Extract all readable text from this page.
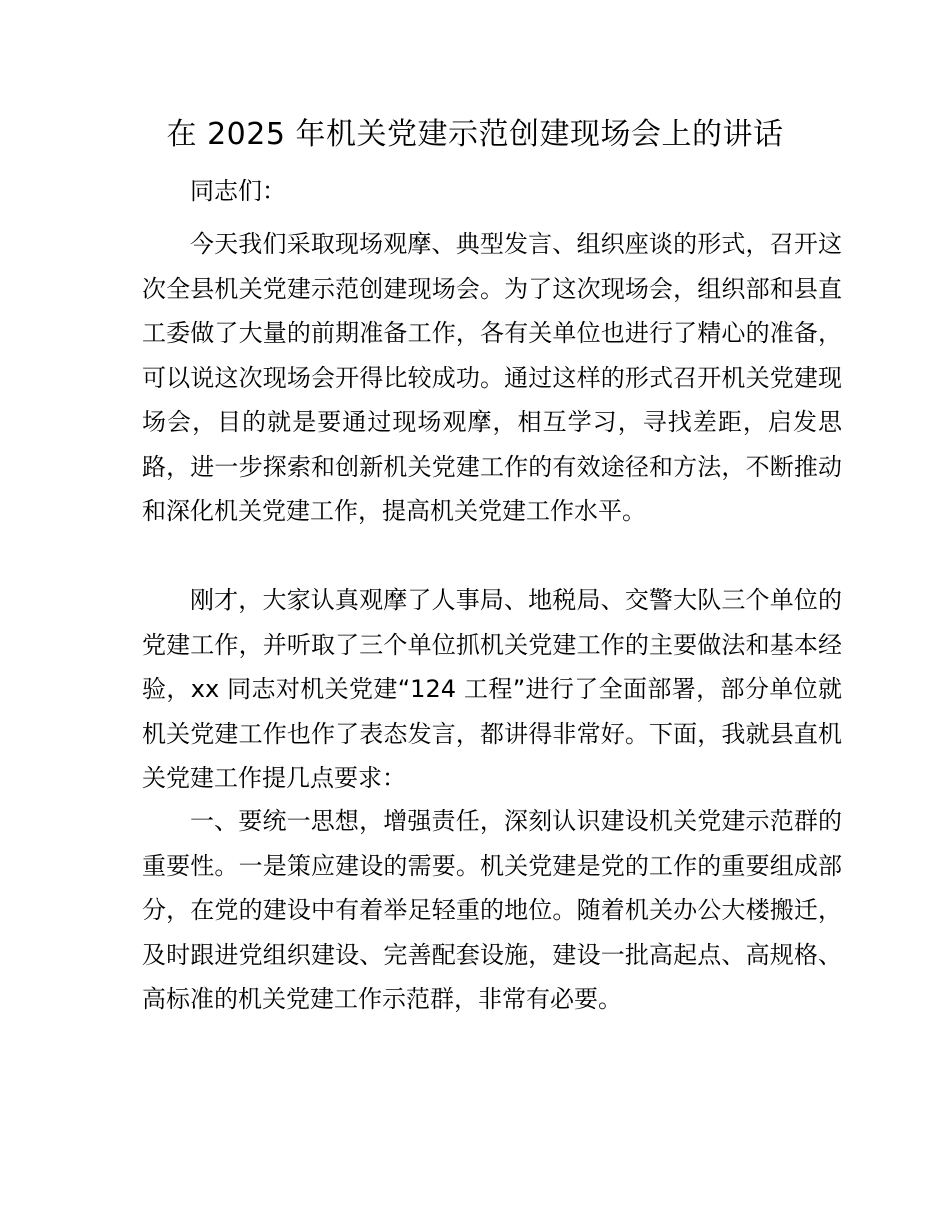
在 2025 年机关党建示范创建现场会上的讲话
同志们：
今天我们采取现场观摩、典型发言、组织座谈的形式，召开这次全县机关党建示范创建现场会。为了这次现场会，组织部和县直工委做了大量的前期准备工作，各有关单位也进行了精心的准备，可以说这次现场会开得比较成功。通过这样的形式召开机关党建现场会，目的就是要通过现场观摩，相互学习，寻找差距，启发思路，进一步探索和创新机关党建工作的有效途径和方法，不断推动和深化机关党建工作，提高机关党建工作水平。
刚才，大家认真观摩了人事局、地税局、交警大队三个单位的党建工作，并听取了三个单位抓机关党建工作的主要做法和基本经验，xx 同志对机关党建“124 工程”进行了全面部署，部分单位就机关党建工作也作了表态发言，都讲得非常好。下面，我就县直机关党建工作提几点要求：
一、要统一思想，增强责任，深刻认识建设机关党建示范群的重要性。一是策应建设的需要。机关党建是党的工作的重要组成部分，在党的建设中有着举足轻重的地位。随着机关办公大楼搬迁，及时跟进党组织建设、完善配套设施，建设一批高起点、高规格、高标准的机关党建工作示范群，非常有必要。
